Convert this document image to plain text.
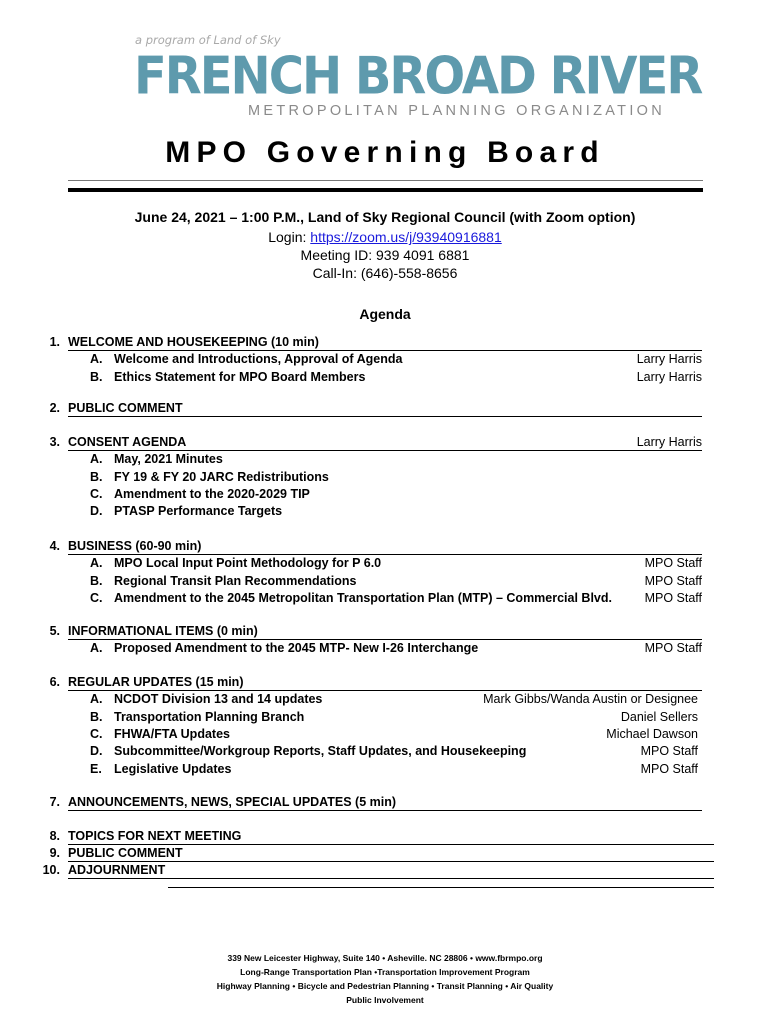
a program of Land of Sky
FRENCH BROAD RIVER
METROPOLITAN PLANNING ORGANIZATION
MPO Governing Board
June 24, 2021 – 1:00 P.M., Land of Sky Regional Council (with Zoom option)
Login: https://zoom.us/j/93940916881
Meeting ID: 939 4091 6881
Call-In: (646)-558-8656
Agenda
1. WELCOME AND HOUSEKEEPING (10 min)
A. Welcome and Introductions, Approval of Agenda	Larry Harris
B. Ethics Statement for MPO Board Members	Larry Harris
2. PUBLIC COMMENT
3. CONSENT AGENDA	Larry Harris
A. May, 2021 Minutes
B. FY 19 & FY 20 JARC Redistributions
C. Amendment to the 2020-2029 TIP
D. PTASP Performance Targets
4. BUSINESS (60-90 min)
A. MPO Local Input Point Methodology for P 6.0	MPO Staff
B. Regional Transit Plan Recommendations	MPO Staff
C. Amendment to the 2045 Metropolitan Transportation Plan (MTP) – Commercial Blvd.	MPO Staff
5. INFORMATIONAL ITEMS (0 min)
A. Proposed Amendment to the 2045 MTP- New I-26 Interchange	MPO Staff
6. REGULAR UPDATES (15 min)
A. NCDOT Division 13 and 14 updates	Mark Gibbs/Wanda Austin or Designee
B. Transportation Planning Branch	Daniel Sellers
C. FHWA/FTA Updates	Michael Dawson
D. Subcommittee/Workgroup Reports, Staff Updates, and Housekeeping	MPO Staff
E. Legislative Updates	MPO Staff
7. ANNOUNCEMENTS, NEWS, SPECIAL UPDATES (5 min)
8. TOPICS FOR NEXT MEETING
9. PUBLIC COMMENT
10. ADJOURNMENT
339 New Leicester Highway, Suite 140 • Asheville. NC 28806 • www.fbrmpo.org
Long-Range Transportation Plan •Transportation Improvement Program
Highway Planning • Bicycle and Pedestrian Planning • Transit Planning • Air Quality
Public Involvement
